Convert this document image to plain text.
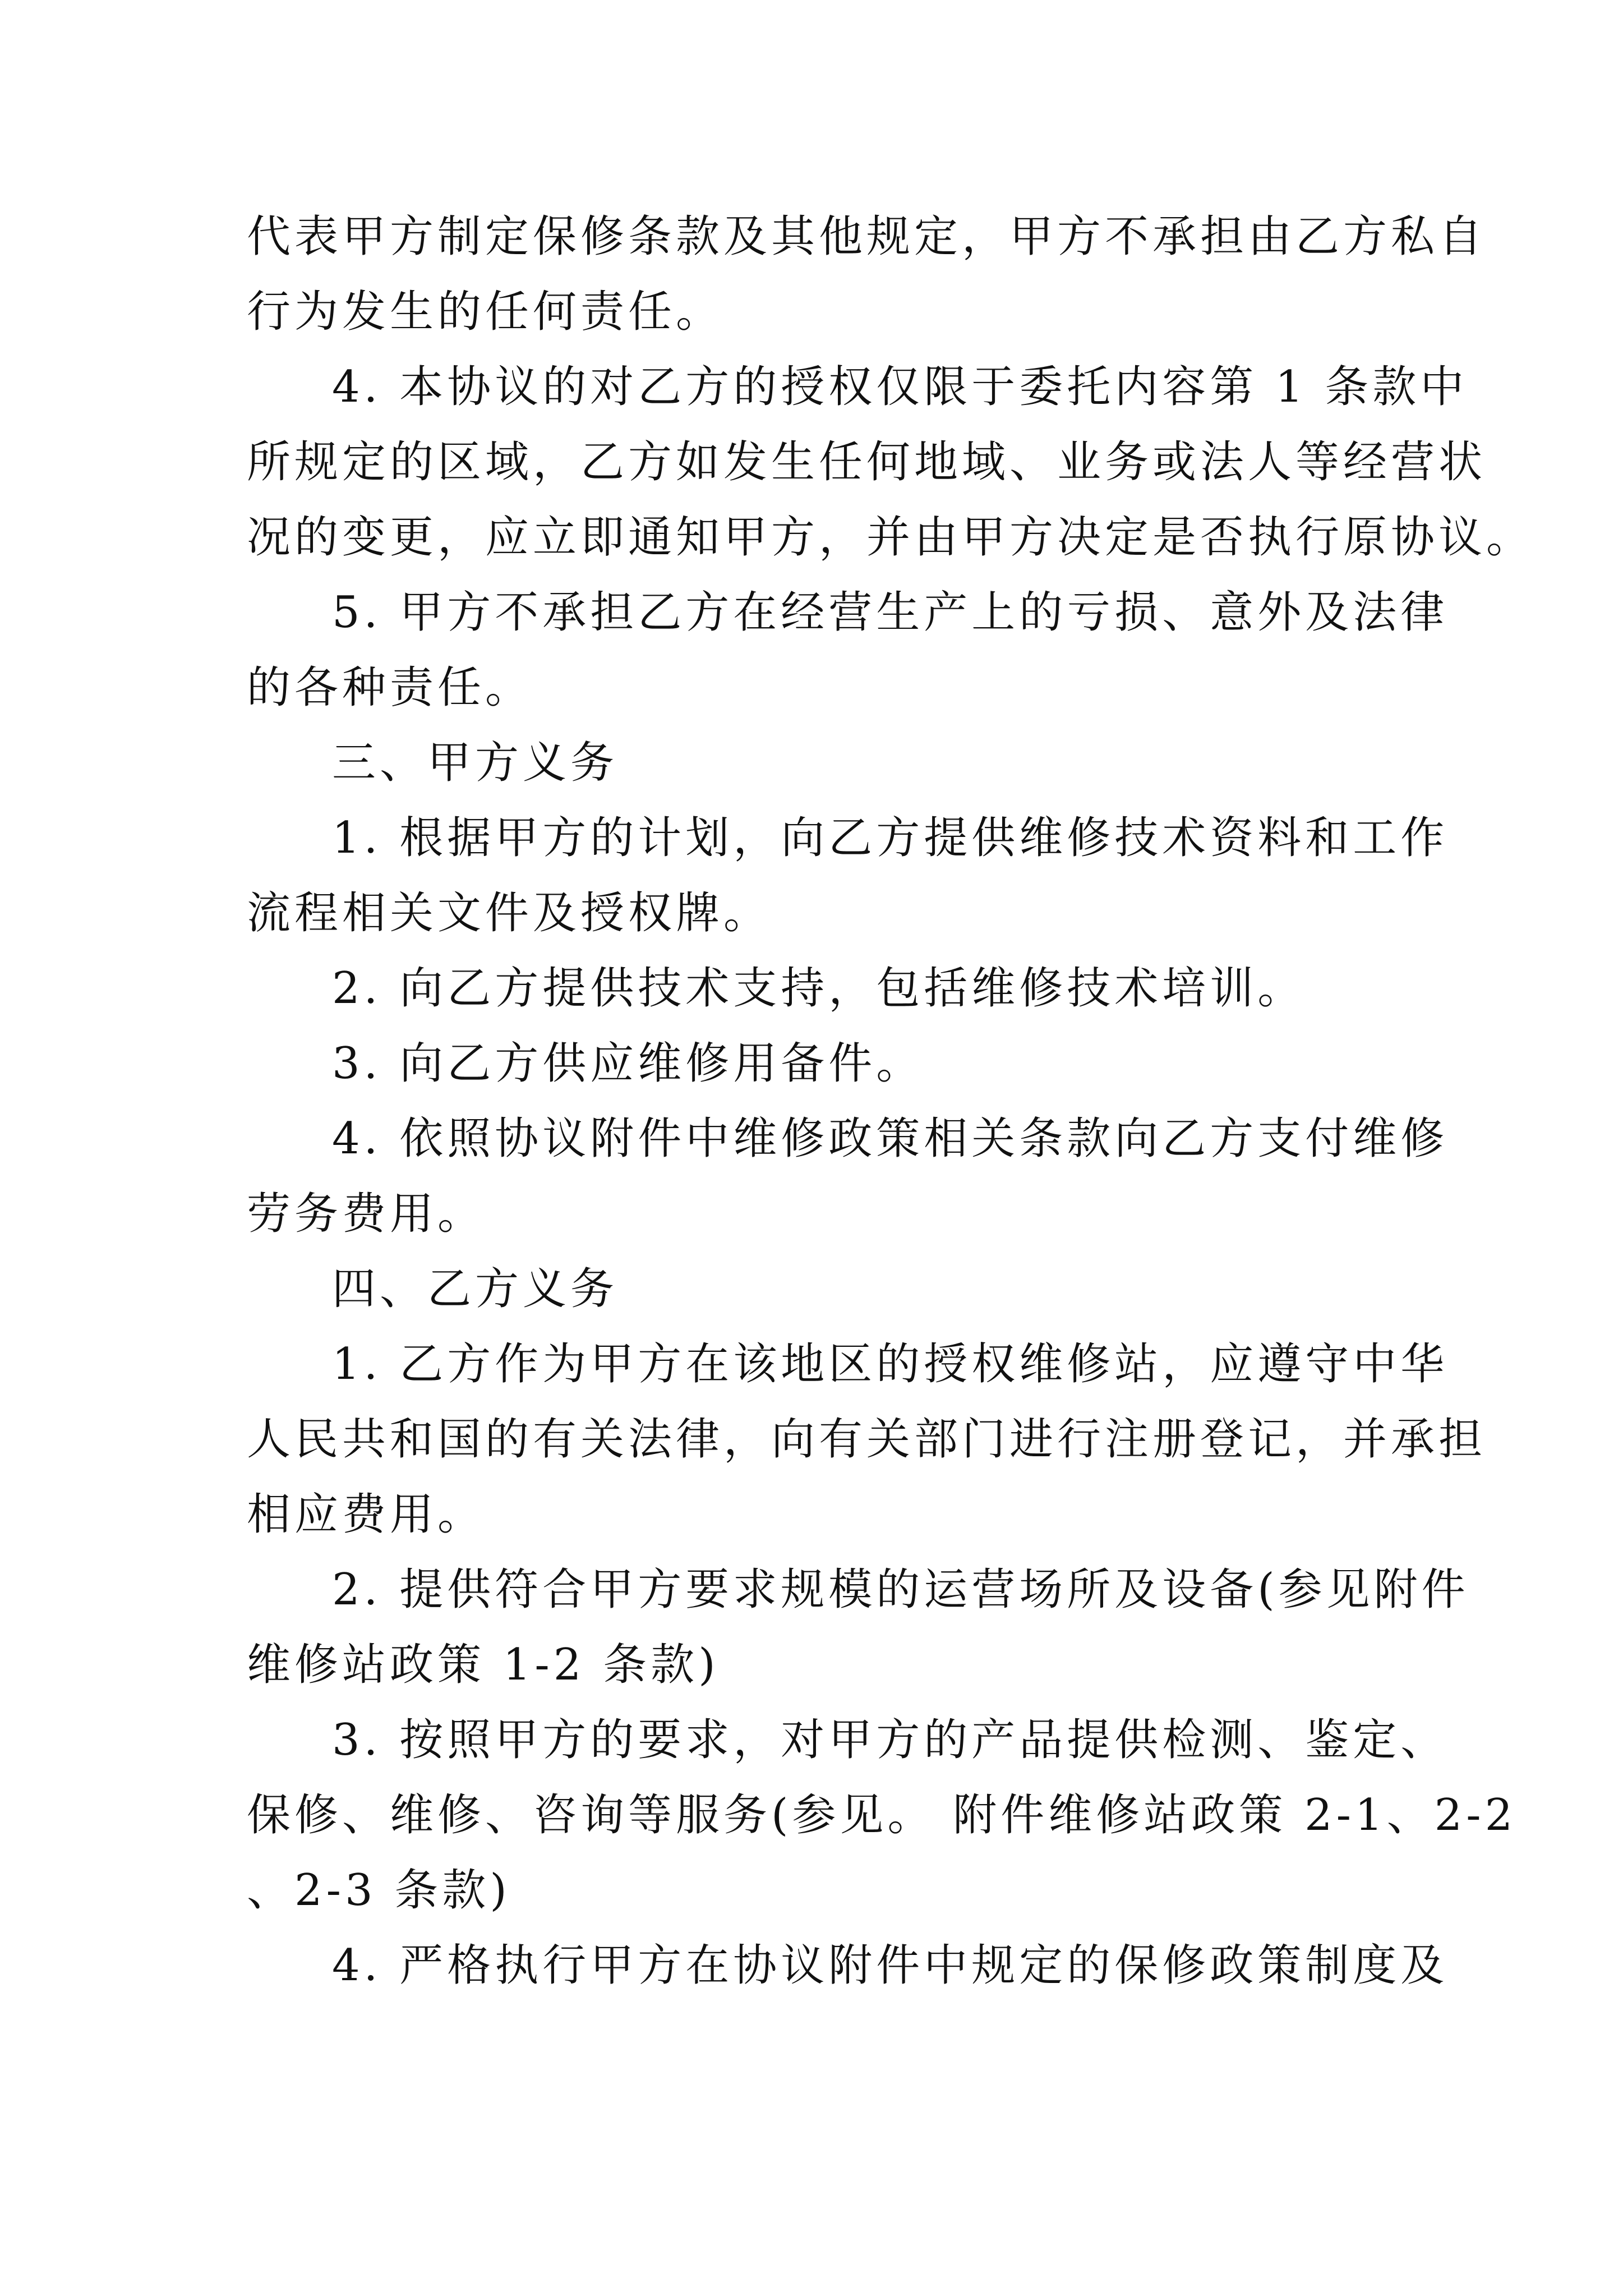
代表甲方制定保修条款及其他规定，甲方不承担由乙方私自
行为发生的任何责任。
4. 本协议的对乙方的授权仅限于委托内容第 1 条款中
所规定的区域，乙方如发生任何地域、业务或法人等经营状
况的变更，应立即通知甲方，并由甲方决定是否执行原协议。
5. 甲方不承担乙方在经营生产上的亏损、意外及法律
的各种责任。
三、甲方义务
1. 根据甲方的计划，向乙方提供维修技术资料和工作
流程相关文件及授权牌。
2. 向乙方提供技术支持，包括维修技术培训。
3. 向乙方供应维修用备件。
4. 依照协议附件中维修政策相关条款向乙方支付维修
劳务费用。
四、乙方义务
1. 乙方作为甲方在该地区的授权维修站，应遵守中华
人民共和国的有关法律，向有关部门进行注册登记，并承担
相应费用。
2. 提供符合甲方要求规模的运营场所及设备(参见附件
维修站政策 1-2 条款)
3. 按照甲方的要求，对甲方的产品提供检测、鉴定、
保修、维修、咨询等服务(参见。 附件维修站政策 2-1、2-2
、2-3 条款)
4. 严格执行甲方在协议附件中规定的保修政策制度及
